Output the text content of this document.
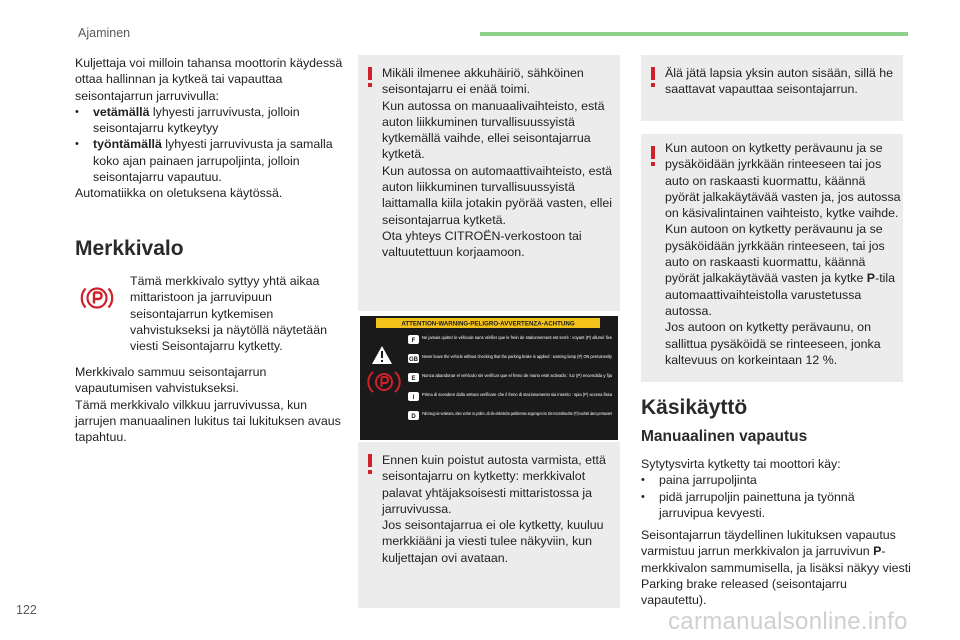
Ajaminen

Kuljettaja voi milloin tahansa moottorin käydessä ottaa hallinnan ja kytkeä tai vapauttaa seisontajarrun jarruvivulla:

• vetämällä lyhyesti jarruvivusta, jolloin seisontajarru kytkeytyy

• työntämällä lyhyesti jarruvivusta ja samalla koko ajan painaen jarrupoljinta, jolloin seisontajarru vapautuu.

Automatiikka on oletuksena käytössä.

Merkkivalo
Tämä merkkivalo syttyy yhtä aikaa mittaristoon ja jarruvipuun seisontajarrun kytkemisen vahvistukseksi ja näytöllä näytetään viesti Seisontajarru kytketty.

Merkkivalo sammuu seisontajarrun vapautumisen vahvistukseksi.

Tämä merkkivalo vilkkuu jarruvivussa, kun jarrujen manuaalinen lukitus tai lukituksen avaus tapahtuu.

Mikäli ilmenee akkuhäiriö, sähköinen seisontajarru ei enää toimi.
Kun autossa on manuaalivaihteisto, estä auton liikkuminen turvallisuussyistä kytkemällä vaihde, ellei seisontajarrua kytketä.
Kun autossa on automaattivaihteisto, estä auton liikkuminen turvallisuussyistä laittamalla kiila jotakin pyörää vasten, ellei seisontajarrua kytketä.
Ota yhteys CITROËN-verkostoon tai valtuutettuun korjaamoon.
ATTENTION-WARNING-PELIGRO-AVVERTENZA-ACHTUNG
F
Ne jamais quitter le véhicule sans vérifier que le frein de stationnement est serré : voyant (P) allumé fixe
GB
Never leave the vehicle without checking that the parking brake is applied : warning lamp (P) ON permanently
E
Nunca abandonar el vehículo sin verificar que el freno de mano esté activado : luz (P) encendida y fija
I
Prima di scendere dalla vettura verificare che il freno di stazionamento sia inserito : spia (P) accesa fissa
D
Fahrzeug nie verlassen, ohne vorher zu prüfen, ob die elektrische parkbremse angezogen ist. Die Kontrolleuchte (P) leuchtet dann permanent
Ennen kuin poistut autosta varmista, että seisontajarru on kytketty: merkkivalot palavat yhtäjaksoisesti mittaristossa ja jarruvivussa.
Jos seisontajarrua ei ole kytketty, kuuluu merkkiääni ja viesti tulee näkyviin, kun kuljettajan ovi avataan.
Älä jätä lapsia yksin auton sisään, sillä he saattavat vapauttaa seisontajarrun.
Kun autoon on kytketty perävaunu ja se pysäköidään jyrkkään rinteeseen tai jos auto on raskaasti kuormattu, käännä pyörät jalkakäytävää vasten ja, jos autossa on käsivalintainen vaihteisto, kytke vaihde.
Kun autoon on kytketty perävaunu ja se pysäköidään jyrkkään rinteeseen, tai jos auto on raskaasti kuormattu, käännä pyörät jalkakäytävää vasten ja kytke P-tila automaattivaihteistolla varustetussa autossa.
Jos autoon on kytketty perävaunu, on sallittua pysäköidä se rinteeseen, jonka kaltevuus on korkeintaan 12 %.
Käsikäyttö
Manuaalinen vapautus

Sytytysvirta kytketty tai moottori käy:

• paina jarrupoljinta

• pidä jarrupoljin painettuna ja työnnä jarruvipua kevyesti.

Seisontajarrun täydellinen lukituksen vapautus varmistuu jarrun merkkivalon ja jarruvivun P-merkkivalon sammumisella, ja lisäksi näkyy viesti Parking brake released (seisontajarru vapautettu).

122	carmanualsonline.info
